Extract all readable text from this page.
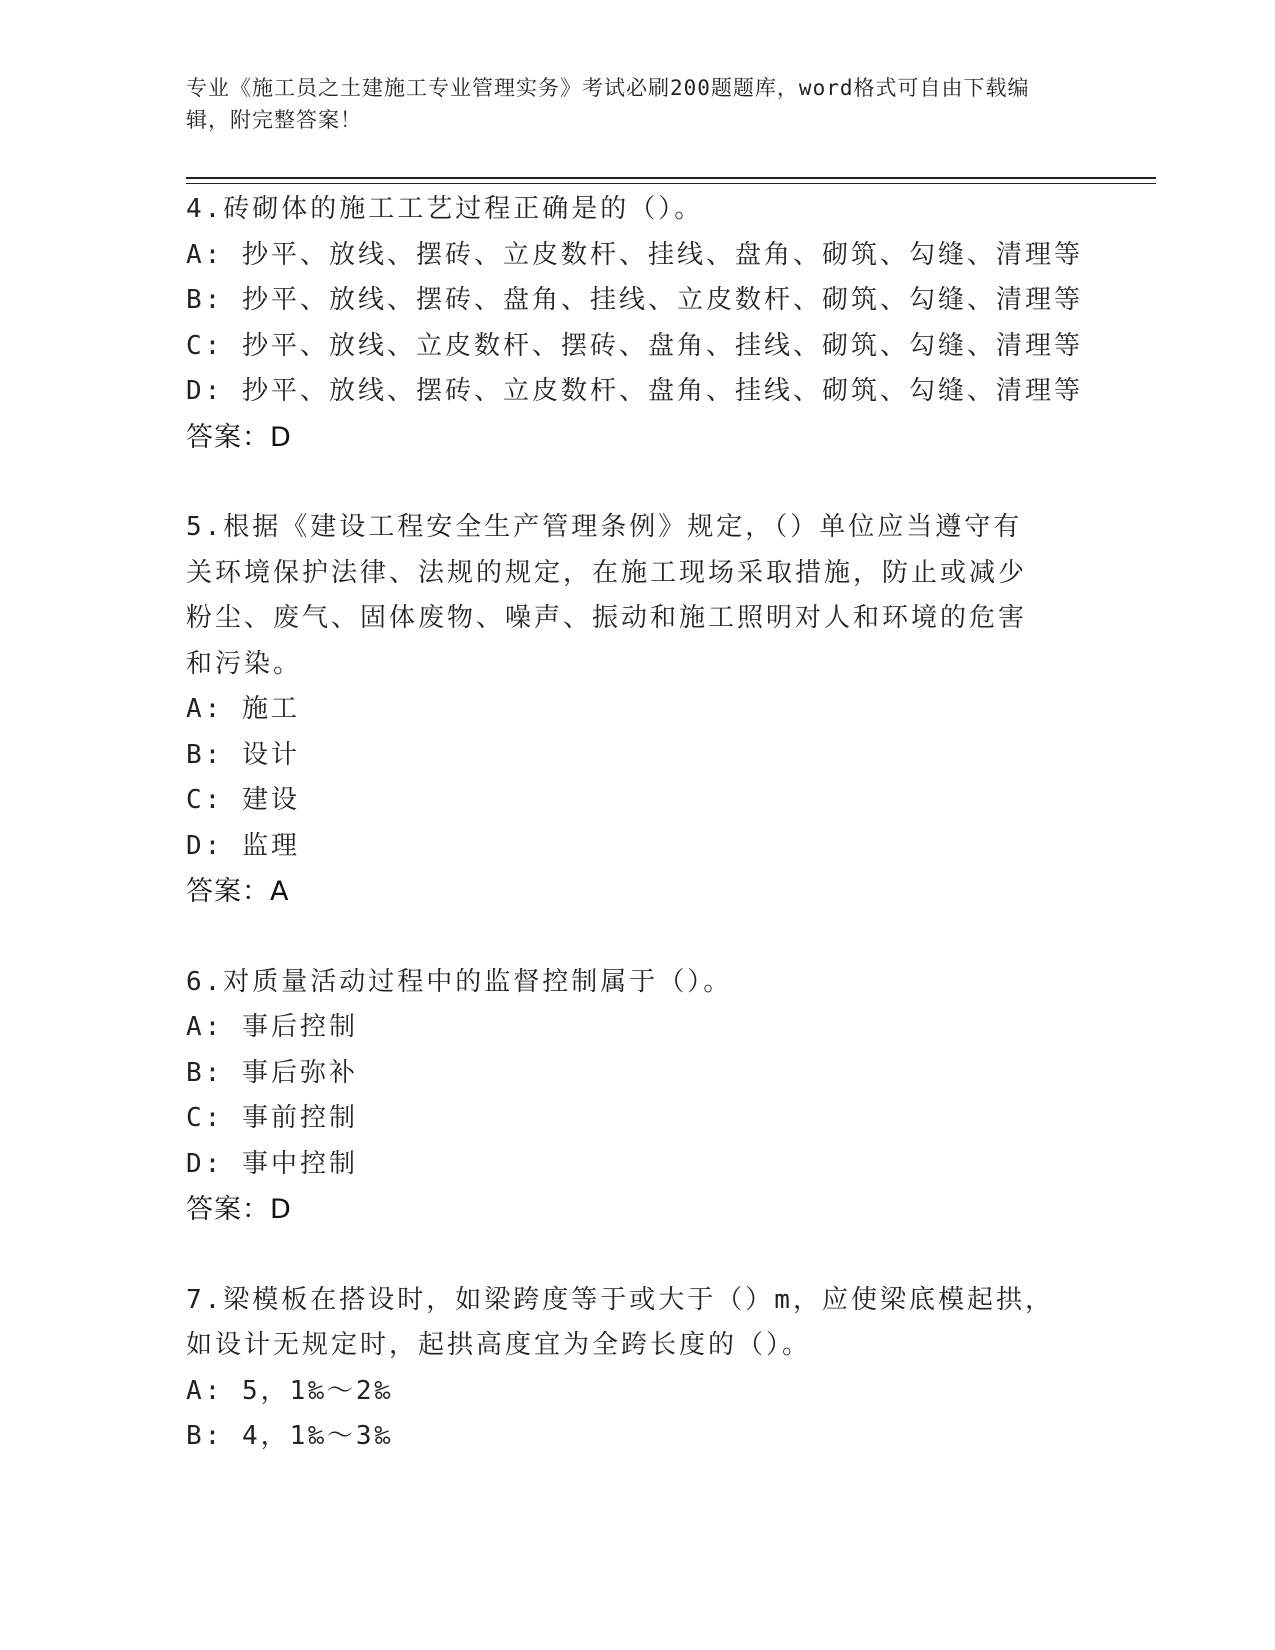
专业《施工员之土建施工专业管理实务》考试必刷200题题库，word格式可自由下载编辑，附完整答案！
4.砖砌体的施工工艺过程正确是的（）。
A: 抄平、放线、摆砖、立皮数杆、挂线、盘角、砌筑、勾缝、清理等
B: 抄平、放线、摆砖、盘角、挂线、立皮数杆、砌筑、勾缝、清理等
C: 抄平、放线、立皮数杆、摆砖、盘角、挂线、砌筑、勾缝、清理等
D: 抄平、放线、摆砖、立皮数杆、盘角、挂线、砌筑、勾缝、清理等
答案：D
5.根据《建设工程安全生产管理条例》规定，（）单位应当遵守有关环境保护法律、法规的规定，在施工现场采取措施，防止或减少粉尘、废气、固体废物、噪声、振动和施工照明对人和环境的危害和污染。
A: 施工
B: 设计
C: 建设
D: 监理
答案：A
6.对质量活动过程中的监督控制属于（）。
A: 事后控制
B: 事后弥补
C: 事前控制
D: 事中控制
答案：D
7.梁模板在搭设时，如梁跨度等于或大于（）m，应使梁底模起拱，如设计无规定时，起拱高度宜为全跨长度的（）。
A: 5，1‰～2‰
B: 4，1‰～3‰
